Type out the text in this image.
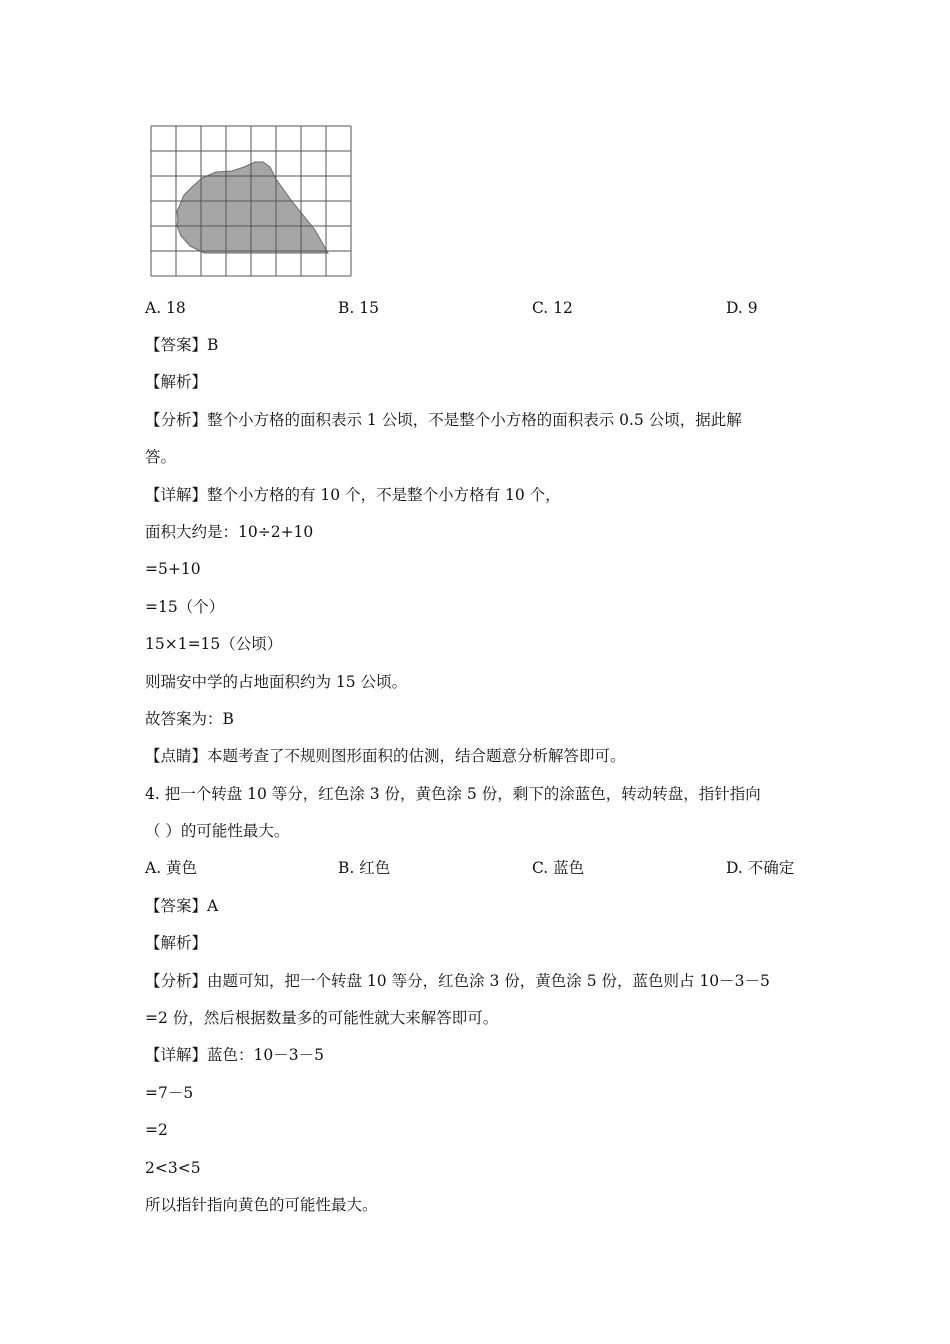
A. 18	B. 15	C. 12	D. 9
【答案】B
【解析】
【分析】整个小方格的面积表示 1 公顷，不是整个小方格的面积表示 0.5 公顷，据此解
答。
【详解】整个小方格的有 10 个，不是整个小方格有 10 个，
面积大约是：10÷2+10
=5+10
=15（个）
15×1=15（公顷）
则瑞安中学的占地面积约为 15 公顷。
故答案为：B
【点睛】本题考查了不规则图形面积的估测，结合题意分析解答即可。
4. 把一个转盘 10 等分，红色涂 3 份，黄色涂 5 份，剩下的涂蓝色，转动转盘，指针指向
（ ）的可能性最大。
A. 黄色	B. 红色	C. 蓝色	D. 不确定
【答案】A
【解析】
【分析】由题可知，把一个转盘 10 等分，红色涂 3 份，黄色涂 5 份，蓝色则占 10－3－5
=2 份，然后根据数量多的可能性就大来解答即可。
【详解】蓝色：10－3－5
=7－5
=2
2<3<5
所以指针指向黄色的可能性最大。
